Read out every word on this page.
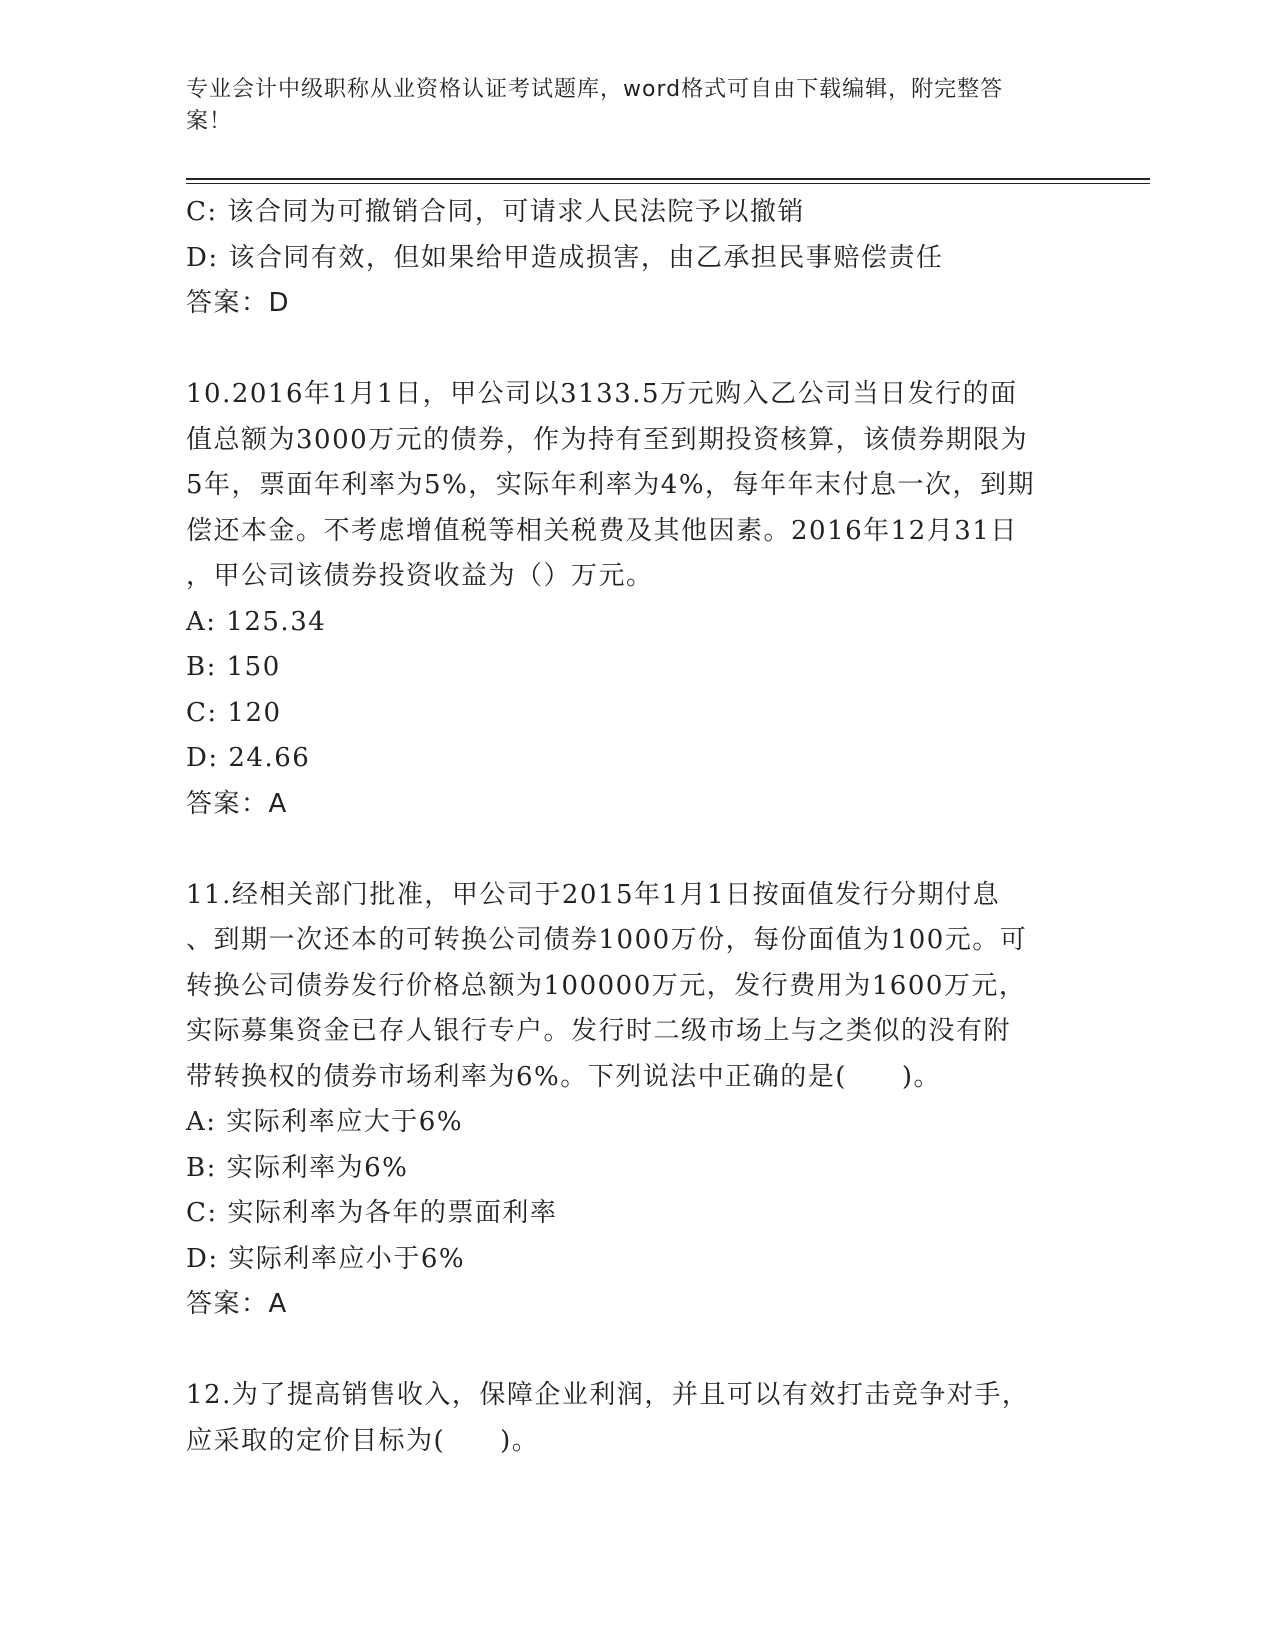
专业会计中级职称从业资格认证考试题库，word格式可自由下载编辑，附完整答
案！
C: 该合同为可撤销合同，可请求人民法院予以撤销
D: 该合同有效，但如果给甲造成损害，由乙承担民事赔偿责任
答案：D
10.2016年1月1日，甲公司以3133.5万元购入乙公司当日发行的面
值总额为3000万元的债券，作为持有至到期投资核算，该债券期限为
5年，票面年利率为5%，实际年利率为4%，每年年末付息一次，到期
偿还本金。不考虑增值税等相关税费及其他因素。2016年12月31日
，甲公司该债券投资收益为（）万元。
A: 125.34
B: 150
C: 120
D: 24.66
答案：A
11.经相关部门批准，甲公司于2015年1月1日按面值发行分期付息
、到期一次还本的可转换公司债券1000万份，每份面值为100元。可
转换公司债券发行价格总额为100000万元，发行费用为1600万元，
实际募集资金已存人银行专户。发行时二级市场上与之类似的没有附
带转换权的债券市场利率为6%。下列说法中正确的是(　　)。
A: 实际利率应大于6%
B: 实际利率为6%
C: 实际利率为各年的票面利率
D: 实际利率应小于6%
答案：A
12.为了提高销售收入，保障企业利润，并且可以有效打击竞争对手，
应采取的定价目标为(　　)。
